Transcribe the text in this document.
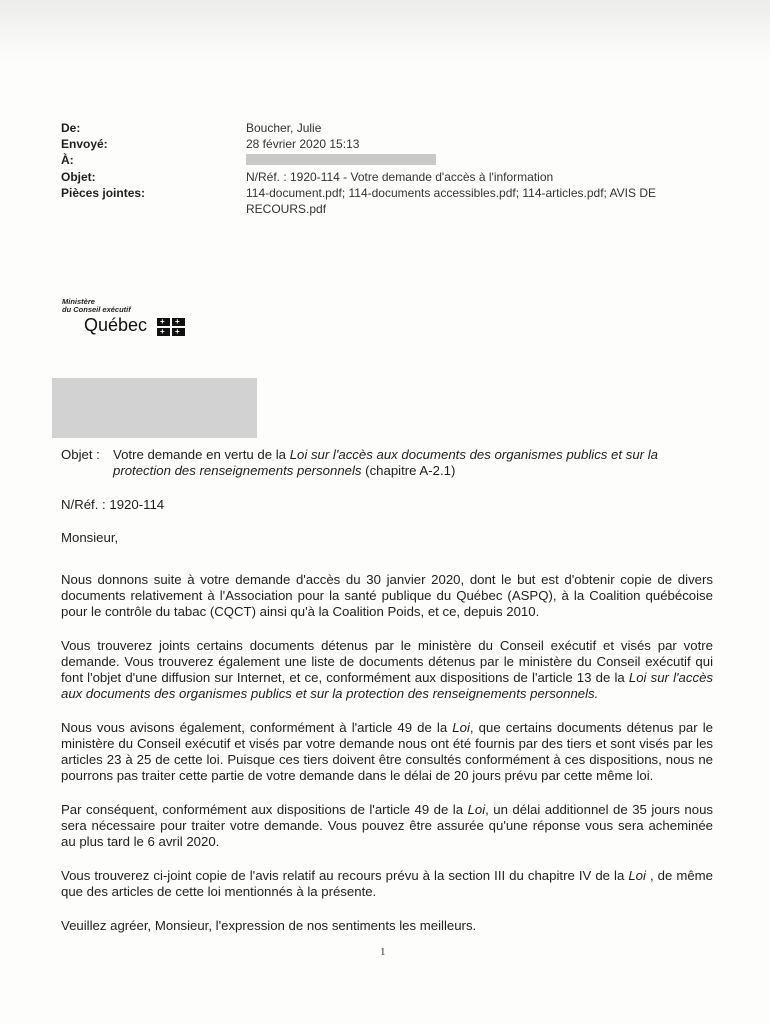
De:	Boucher, Julie
Envoyé:	28 février 2020 15:13
À:
Objet:	N/Réf. : 1920-114 - Votre demande d'accès à l'information
Pièces jointes:	114-document.pdf; 114-documents accessibles.pdf; 114-articles.pdf; AVIS DE RECOURS.pdf
Ministère
du Conseil exécutif
Québec
+
+
+
+
Objet : Votre demande en vertu de la Loi sur l'accès aux documents des organismes publics et sur la protection des renseignements personnels (chapitre A-2.1)
N/Réf. : 1920-114
Monsieur,

Nous donnons suite à votre demande d'accès du 30 janvier 2020, dont le but est d'obtenir copie de divers documents relativement à l'Association pour la santé publique du Québec (ASPQ), à la Coalition québécoise pour le contrôle du tabac (CQCT) ainsi qu'à la Coalition Poids, et ce, depuis 2010.

Vous trouverez joints certains documents détenus par le ministère du Conseil exécutif et visés par votre demande. Vous trouverez également une liste de documents détenus par le ministère du Conseil exécutif qui font l'objet d'une diffusion sur Internet, et ce, conformément aux dispositions de l'article 13 de la Loi sur l'accès aux documents des organismes publics et sur la protection des renseignements personnels.

Nous vous avisons également, conformément à l'article 49 de la Loi, que certains documents détenus par le ministère du Conseil exécutif et visés par votre demande nous ont été fournis par des tiers et sont visés par les articles 23 à 25 de cette loi. Puisque ces tiers doivent être consultés conformément à ces dispositions, nous ne pourrons pas traiter cette partie de votre demande dans le délai de 20 jours prévu par cette même loi.

Par conséquent, conformément aux dispositions de l'article 49 de la Loi, un délai additionnel de 35 jours nous sera nécessaire pour traiter votre demande. Vous pouvez être assurée qu'une réponse vous sera acheminée au plus tard le 6 avril 2020.

Vous trouverez ci-joint copie de l'avis relatif au recours prévu à la section III du chapitre IV de la Loi , de même que des articles de cette loi mentionnés à la présente.

Veuillez agréer, Monsieur, l'expression de nos sentiments les meilleurs.

1
